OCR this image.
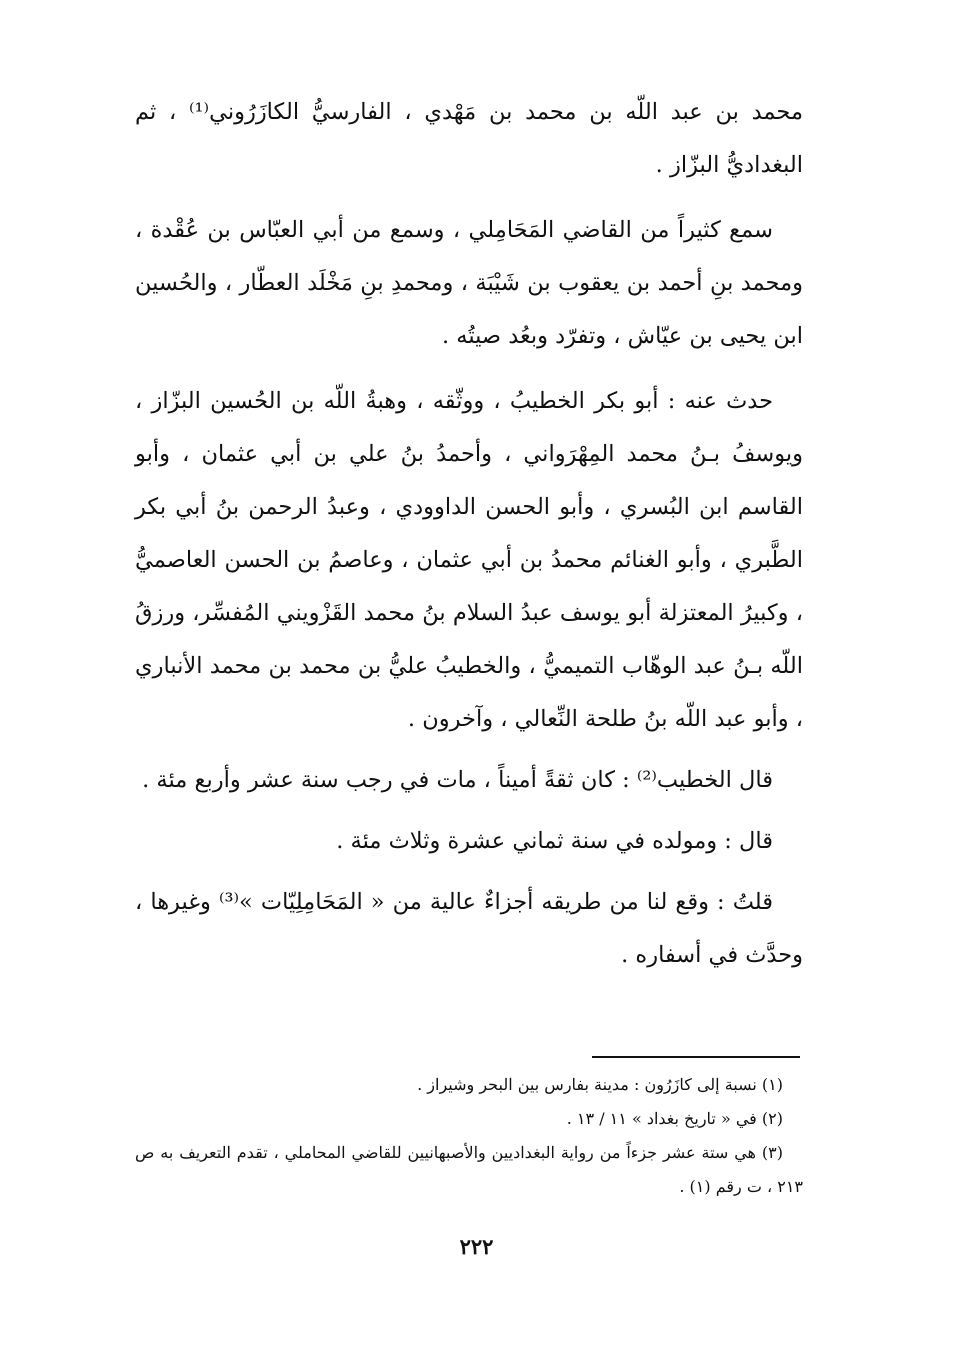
محمد بن عبد اللّه بن محمد بن مَهْدي ، الفارسيُّ الكازَرُوني⁽¹⁾ ، ثم البغداديُّ البزّاز .

سمع كثيراً من القاضي المَحَامِلي ، وسمع من أبي العبّاس بن عُقْدة ، ومحمد بنِ أحمد بن يعقوب بن شَيْبَة ، ومحمدِ بنِ مَخْلَد العطّار ، والحُسين ابن يحيى بن عيّاش ، وتفرّد وبعُد صيتُه .

حدث عنه : أبو بكر الخطيبُ ، ووثّقه ، وهبةُ اللّه بن الحُسين البزّاز ، ويوسفُ بـنُ محمد المِهْرَواني ، وأحمدُ بنُ علي بن أبي عثمان ، وأبو القاسم ابن البُسري ، وأبو الحسن الداوودي ، وعبدُ الرحمن بنُ أبي بكر الطَّبري ، وأبو الغنائم محمدُ بن أبي عثمان ، وعاصمُ بن الحسن العاصميُّ ، وكبيرُ المعتزلة أبو يوسف عبدُ السلام بنُ محمد القَزْويني المُفسِّر، ورزقُ اللّه بـنُ عبد الوهّاب التميميُّ ، والخطيبُ عليُّ بن محمد بن محمد الأنباري ، وأبو عبد اللّه بنُ طلحة النِّعالي ، وآخرون .

قال الخطيب⁽²⁾ : كان ثقةً أميناً ، مات في رجب سنة عشر وأربع مئة .

قال : ومولده في سنة ثماني عشرة وثلاث مئة .

قلتُ : وقع لنا من طريقه أجزاءٌ عالية من « المَحَامِلِيّات »⁽³⁾ وغيرها ، وحدَّث في أسفاره .

(١) نسبة إلى كازَرُون : مدينة بفارس بين البحر وشيراز .

(٢) في « تاريخ بغداد » ١١ / ١٣ .

(٣) هي ستة عشر جزءاً من رواية البغداديين والأصبهانيين للقاضي المحاملي ، تقدم التعريف به ص ٢١٣ ، ت رقم (١) .

٢٢٢
